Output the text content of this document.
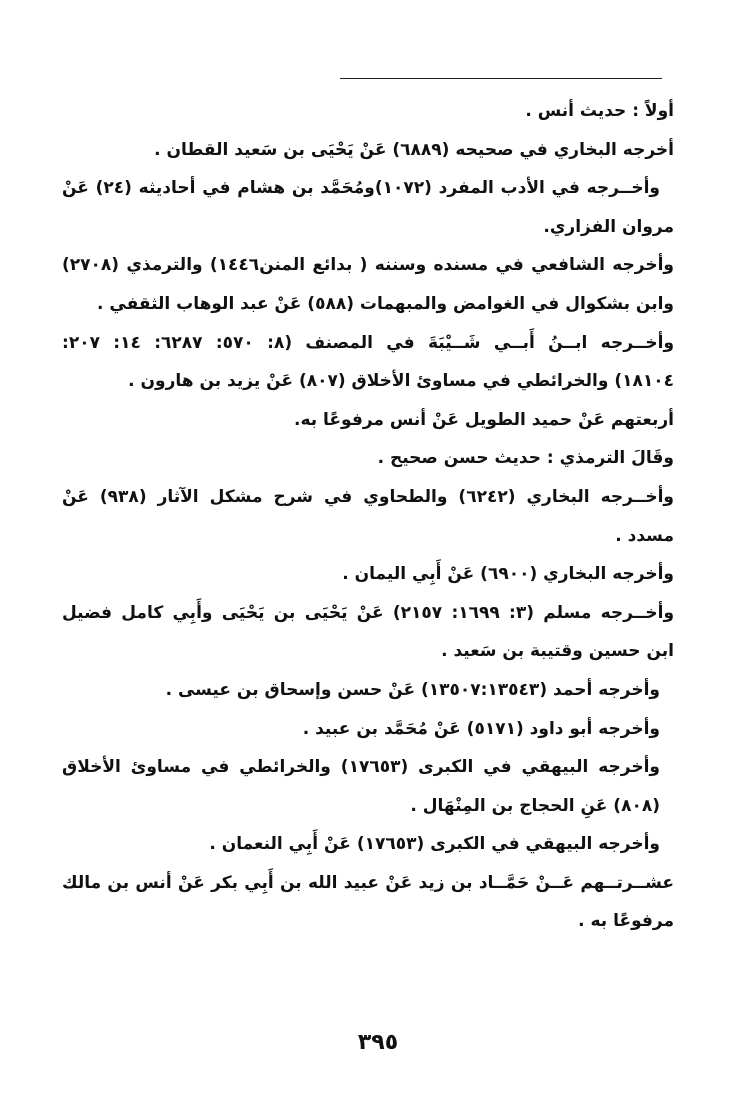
أولاً : حديث أنس .
أخرجه البخاري في صحيحه (٦٨٨٩) عَنْ يَحْيَى بن سَعيد القطان .
وأخــرجه في الأدب المفرد (١٠٧٢)ومُحَمَّد بن هشام في أحاديثه (٢٤) عَنْ
مروان الفزاري.
وأخرجه الشافعي في مسنده وسننه ( بدائع المنن١٤٤٦) والترمذي (٢٧٠٨)
وابن بشكوال في الغوامض والمبهمات (٥٨٨) عَنْ عبد الوهاب الثقفي .
وأخــرجه ابــنُ أَبــي شَــيْبَةَ في المصنف (٨: ٥٧٠: ٦٢٨٧: ١٤: ٢٠٧:
١٨١٠٤) والخرائطي في مساوئ الأخلاق (٨٠٧) عَنْ يزيد بن هارون .
أربعتهم عَنْ حميد الطويل عَنْ أنس مرفوعًا به.
وقَالَ الترمذي : حديث حسن صحيح .
وأخــرجه البخاري (٦٢٤٢) والطحاوي في شرح مشكل الآثار (٩٣٨) عَنْ
مسدد .
وأخرجه البخاري (٦٩٠٠) عَنْ أَبِي اليمان .
وأخــرجه مسلم (٣: ١٦٩٩: ٢١٥٧) عَنْ يَحْيَى بن يَحْيَى وأَبِي كامل فضيل
ابن حسين وقتيبة بن سَعيد .
وأخرجه أحمد (١٣٥٠٧:١٣٥٤٣) عَنْ حسن وإسحاق بن عيسى .
وأخرجه أبو داود (٥١٧١) عَنْ مُحَمَّد بن عبيد .
وأخرجه البيهقي في الكبرى (١٧٦٥٣) والخرائطي في مساوئ الأخلاق
(٨٠٨) عَنِ الحجاج بن المِنْهَال .
وأخرجه البيهقي في الكبرى (١٧٦٥٣) عَنْ أَبِي النعمان .
عشــرتــهم عَــنْ حَمَّــاد بن زيد عَنْ عبيد الله بن أَبِي بكر عَنْ أنس بن مالك
مرفوعًا به .
٣٩٥
